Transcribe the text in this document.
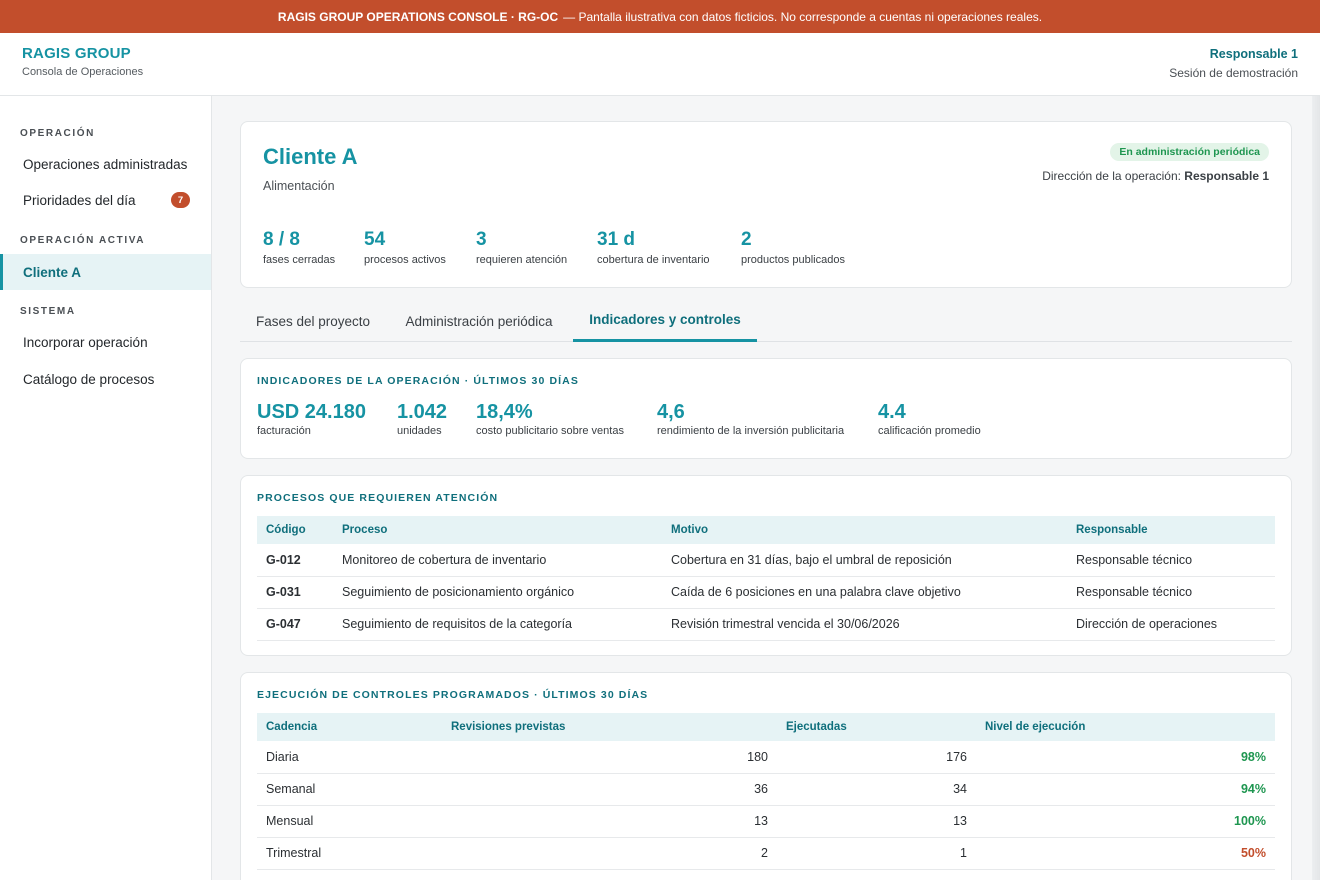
RAGIS GROUP OPERATIONS CONSOLE · RG-OC — Pantalla ilustrativa con datos ficticios. No corresponde a cuentas ni operaciones reales.
RAGIS GROUP
Consola de Operaciones
Responsable 1
Sesión de demostración
OPERACIÓN
Operaciones administradas
Prioridades del día	7
OPERACIÓN ACTIVA
Cliente A
SISTEMA
Incorporar operación
Catálogo de procesos
Cliente A
Alimentación
En administración periódica
Dirección de la operación: Responsable 1
8 / 8
fases cerradas
54
procesos activos
3
requieren atención
31 d
cobertura de inventario
2
productos publicados
Fases del proyecto	Administración periódica	Indicadores y controles
INDICADORES DE LA OPERACIÓN · ÚLTIMOS 30 DÍAS
USD 24.180
facturación
1.042
unidades
18,4%
costo publicitario sobre ventas
4,6
rendimiento de la inversión publicitaria
4.4
calificación promedio
PROCESOS QUE REQUIEREN ATENCIÓN
Código	Proceso	Motivo	Responsable
G-012	Monitoreo de cobertura de inventario	Cobertura en 31 días, bajo el umbral de reposición	Responsable técnico
G-031	Seguimiento de posicionamiento orgánico	Caída de 6 posiciones en una palabra clave objetivo	Responsable técnico
G-047	Seguimiento de requisitos de la categoría	Revisión trimestral vencida el 30/06/2026	Dirección de operaciones
EJECUCIÓN DE CONTROLES PROGRAMADOS · ÚLTIMOS 30 DÍAS
Cadencia	Revisiones previstas	Ejecutadas	Nivel de ejecución
Diaria	180	176	98%
Semanal	36	34	94%
Mensual	13	13	100%
Trimestral	2	1	50%
